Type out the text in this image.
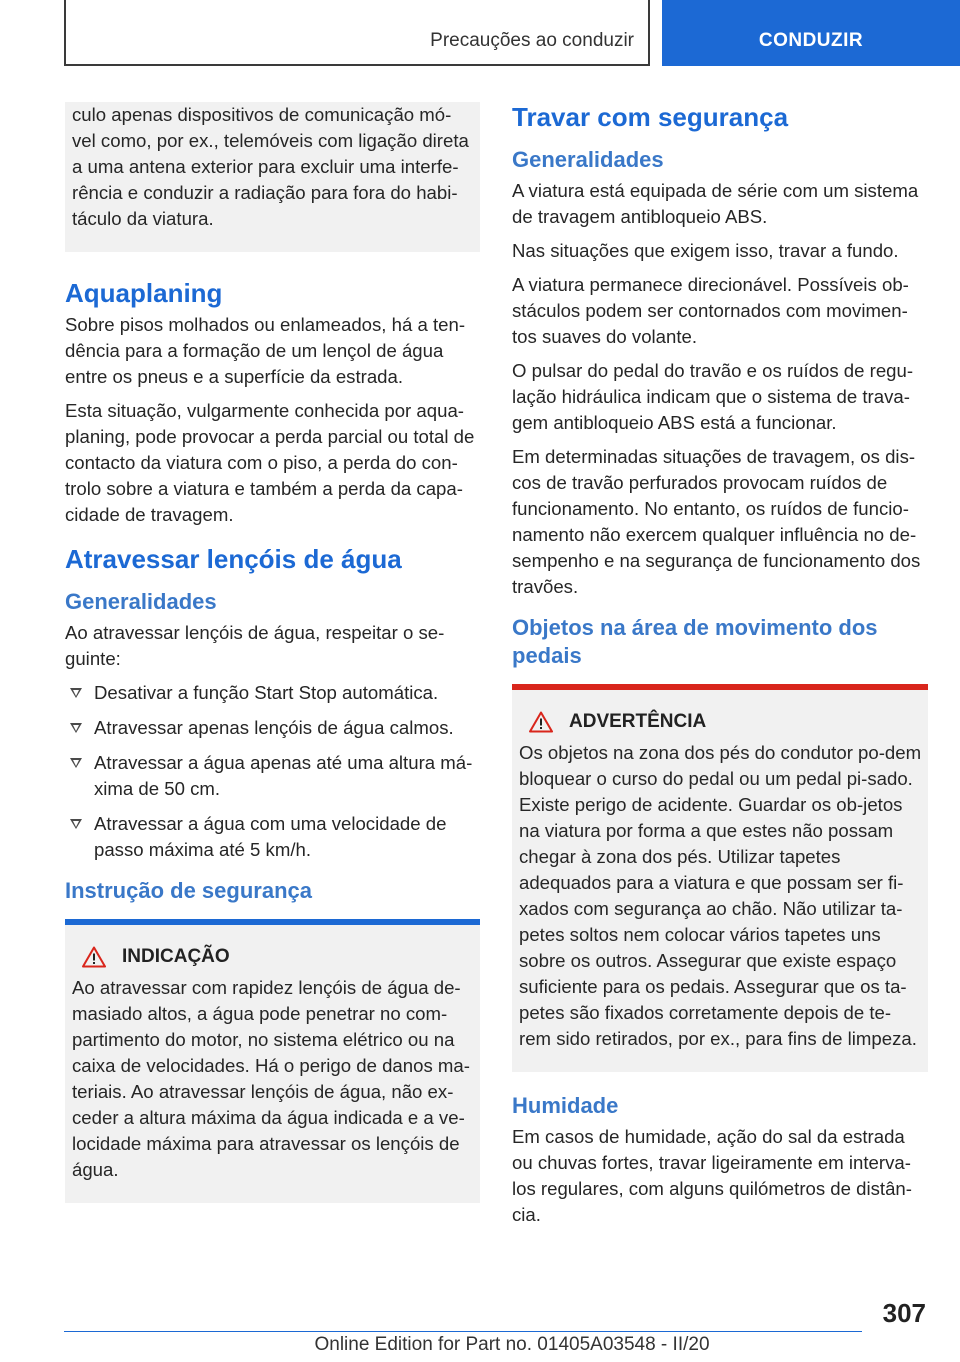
Precauções ao conduzir	CONDUZIR

culo apenas dispositivos de comunicação mó-vel como, por ex., telemóveis com ligação direta a uma antena exterior para excluir uma interfe-rência e conduzir a radiação para fora do habi-táculo da viatura.

Aquaplaning

Sobre pisos molhados ou enlameados, há a ten-dência para a formação de um lençol de água entre os pneus e a superfície da estrada.

Esta situação, vulgarmente conhecida por aqua-planing, pode provocar a perda parcial ou total de contacto da viatura com o piso, a perda do con-trolo sobre a viatura e também a perda da capa-cidade de travagem.

Atravessar lençóis de água
Generalidades

Ao atravessar lençóis de água, respeitar o se-guinte:

Desativar a função Start Stop automática.
Atravessar apenas lençóis de água calmos.
Atravessar a água apenas até uma altura má-xima de 50 cm.
Atravessar a água com uma velocidade de passo máxima até 5 km/h.
Instrução de segurança
INDICAÇÃO

Ao atravessar com rapidez lençóis de água de-masiado altos, a água pode penetrar no com-partimento do motor, no sistema elétrico ou na caixa de velocidades. Há o perigo de danos ma-teriais. Ao atravessar lençóis de água, não ex-ceder a altura máxima da água indicada e a ve-locidade máxima para atravessar os lençóis de água.

Travar com segurança
Generalidades

A viatura está equipada de série com um sistema de travagem antibloqueio ABS.

Nas situações que exigem isso, travar a fundo.

A viatura permanece direcionável. Possíveis ob-stáculos podem ser contornados com movimen-tos suaves do volante.

O pulsar do pedal do travão e os ruídos de regu-lação hidráulica indicam que o sistema de trava-gem antibloqueio ABS está a funcionar.

Em determinadas situações de travagem, os dis-cos de travão perfurados provocam ruídos de funcionamento. No entanto, os ruídos de funcio-namento não exercem qualquer influência no de-sempenho e na segurança de funcionamento dos travões.

Objetos na área de movimento dos pedais
ADVERTÊNCIA

Os objetos na zona dos pés do condutor po-dem bloquear o curso do pedal ou um pedal pi-sado. Existe perigo de acidente. Guardar os ob-jetos na viatura por forma a que estes não possam chegar à zona dos pés. Utilizar tapetes adequados para a viatura e que possam ser fi-xados com segurança ao chão. Não utilizar ta-petes soltos nem colocar vários tapetes uns sobre os outros. Assegurar que existe espaço suficiente para os pedais. Assegurar que os ta-petes são fixados corretamente depois de te-rem sido retirados, por ex., para fins de limpeza.

Humidade

Em casos de humidade, ação do sal da estrada ou chuvas fortes, travar ligeiramente em interva-los regulares, com alguns quilómetros de distân-cia.

307
Online Edition for Part no. 01405A03548 - II/20
